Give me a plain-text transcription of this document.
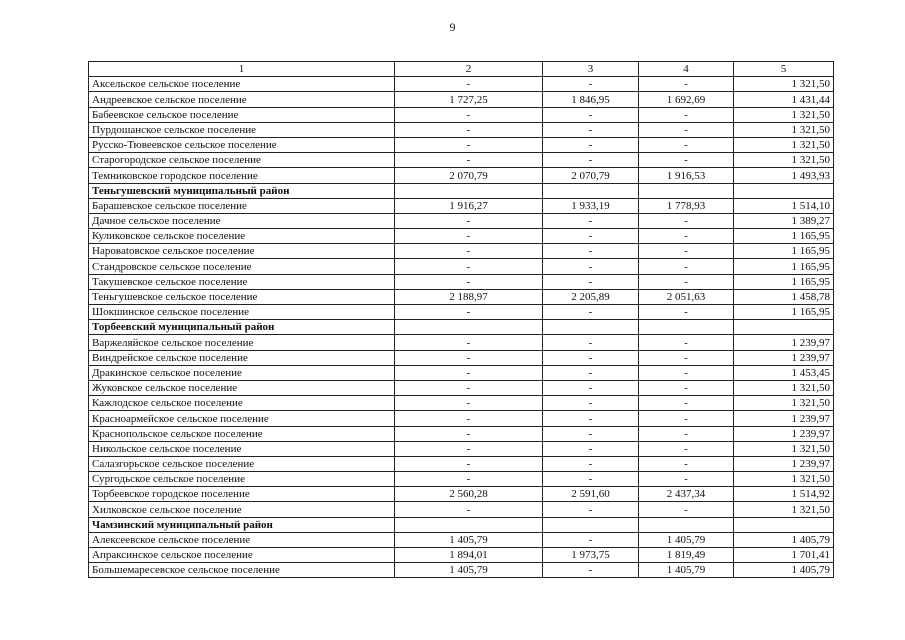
9
1	2	3	4	5
Аксельское сельское поселение	-	-	-	1 321,50
Андреевское сельское поселение	1 727,25	1 846,95	1 692,69	1 431,44
Бабеевское сельское поселение	-	-	-	1 321,50
Пурдошанское сельское поселение	-	-	-	1 321,50
Русско-Тювеевское сельское поселение	-	-	-	1 321,50
Старогородское сельское поселение	-	-	-	1 321,50
Темниковское городское поселение	2 070,79	2 070,79	1 916,53	1 493,93
Теньгушевский муниципальный район				
Барашевское сельское поселение	1 916,27	1 933,19	1 778,93	1 514,10
Дачное сельское поселение	-	-	-	1 389,27
Куликовское сельское поселение	-	-	-	1 165,95
Наровatовское сельское поселение	-	-	-	1 165,95
Стандровское сельское поселение	-	-	-	1 165,95
Такушевское сельское поселение	-	-	-	1 165,95
Теньгушевское сельское поселение	2 188,97	2 205,89	2 051,63	1 458,78
Шокшинское сельское поселение	-	-	-	1 165,95
Торбеевский муниципальный район				
Варжеляйское сельское поселение	-	-	-	1 239,97
Виндрейское сельское поселение	-	-	-	1 239,97
Дракинское сельское поселение	-	-	-	1 453,45
Жуковское сельское поселение	-	-	-	1 321,50
Кажлодское сельское поселение	-	-	-	1 321,50
Красноармейское сельское поселение	-	-	-	1 239,97
Краснопольское сельское поселение	-	-	-	1 239,97
Никольское сельское поселение	-	-	-	1 321,50
Салазгорьское сельское поселение	-	-	-	1 239,97
Сургодьское сельское поселение	-	-	-	1 321,50
Торбеевское городское поселение	2 560,28	2 591,60	2 437,34	1 514,92
Хилковское сельское поселение	-	-	-	1 321,50
Чамзинский муниципальный район				
Алексеевское сельское поселение	1 405,79	-	1 405,79	1 405,79
Апраксинское сельское поселение	1 894,01	1 973,75	1 819,49	1 701,41
Большемаресевское сельское поселение	1 405,79	-	1 405,79	1 405,79
